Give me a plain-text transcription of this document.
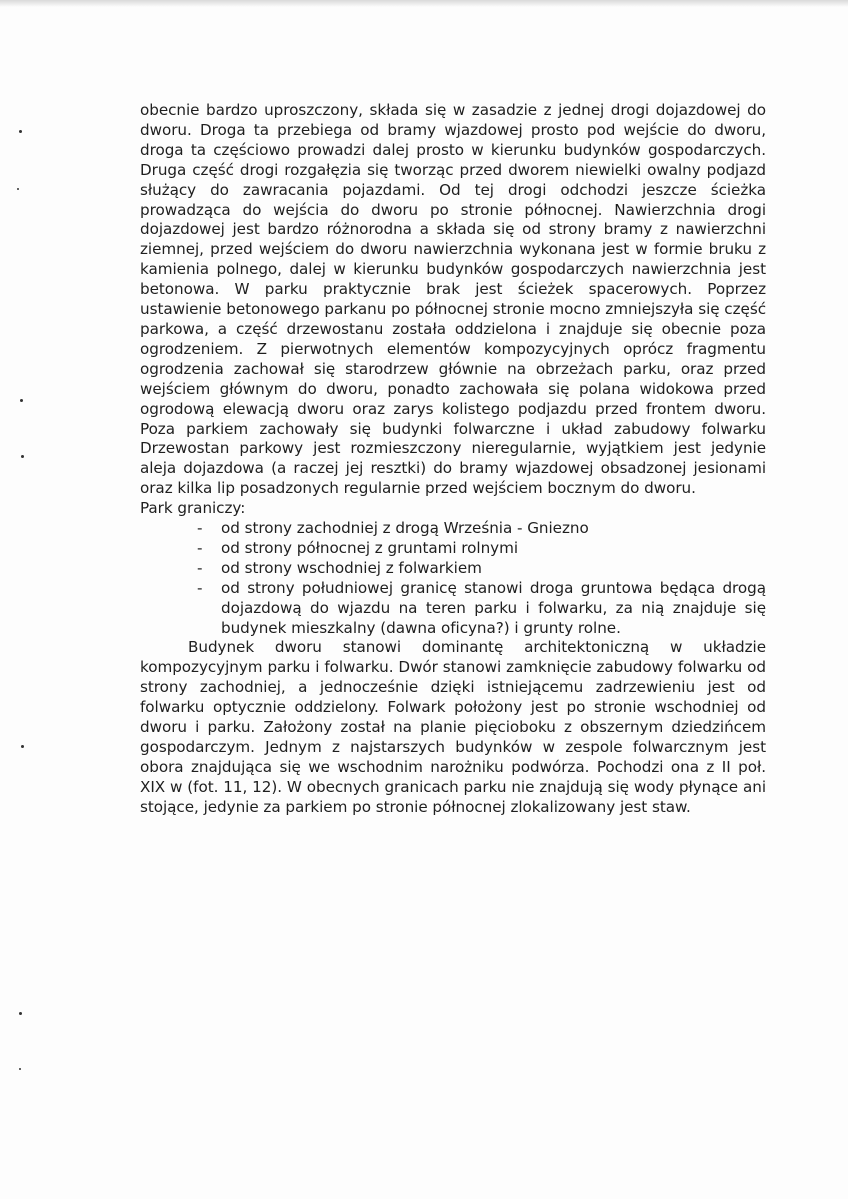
obecnie bardzo uproszczony, składa się w zasadzie z jednej drogi dojazdowej do dworu. Droga ta przebiega od bramy wjazdowej prosto pod wejście do dworu, droga ta częściowo prowadzi dalej prosto w kierunku budynków gospodarczych. Druga część drogi rozgałęzia się tworząc przed dworem niewielki owalny podjazd służący do zawracania pojazdami. Od tej drogi odchodzi jeszcze ścieżka prowadząca do wejścia do dworu po stronie północnej. Nawierzchnia drogi dojazdowej jest bardzo różnorodna a składa się od strony bramy z nawierzchni ziemnej, przed wejściem do dworu nawierzchnia wykonana jest w formie bruku z kamienia polnego, dalej w kierunku budynków gospodarczych nawierzchnia jest betonowa. W parku praktycznie brak jest ścieżek spacerowych. Poprzez ustawienie betonowego parkanu po północnej stronie mocno zmniejszyła się część parkowa, a część drzewostanu została oddzielona i znajduje się obecnie poza ogrodzeniem. Z pierwotnych elementów kompozycyjnych oprócz fragmentu ogrodzenia zachował się starodrzew głównie na obrzeżach parku, oraz przed wejściem głównym do dworu, ponadto zachowała się polana widokowa przed ogrodową elewacją dworu oraz zarys kolistego podjazdu przed frontem dworu. Poza parkiem zachowały się budynki folwarczne i układ zabudowy folwarku Drzewostan parkowy jest rozmieszczony nieregularnie, wyjątkiem jest jedynie aleja dojazdowa (a raczej jej resztki) do bramy wjazdowej obsadzonej jesionami oraz kilka lip posadzonych regularnie przed wejściem bocznym do dworu.

Park graniczy:

- od strony zachodniej z drogą Września - Gniezno
- od strony północnej z gruntami rolnymi
- od strony wschodniej z folwarkiem
- od strony południowej granicę stanowi droga gruntowa będąca drogą dojazdową do wjazdu na teren parku i folwarku, za nią znajduje się budynek mieszkalny (dawna oficyna?) i grunty rolne.

Budynek dworu stanowi dominantę architektoniczną w układzie kompozycyjnym parku i folwarku. Dwór stanowi zamknięcie zabudowy folwarku od strony zachodniej, a jednocześnie dzięki istniejącemu zadrzewieniu jest od folwarku optycznie oddzielony. Folwark położony jest po stronie wschodniej od dworu i parku. Założony został na planie pięcioboku z obszernym dziedzińcem gospodarczym. Jednym z najstarszych budynków w zespole folwarcznym jest obora znajdująca się we wschodnim narożniku podwórza. Pochodzi ona z II poł. XIX w (fot. 11, 12). W obecnych granicach parku nie znajdują się wody płynące ani stojące, jedynie za parkiem po stronie północnej zlokalizowany jest staw.
